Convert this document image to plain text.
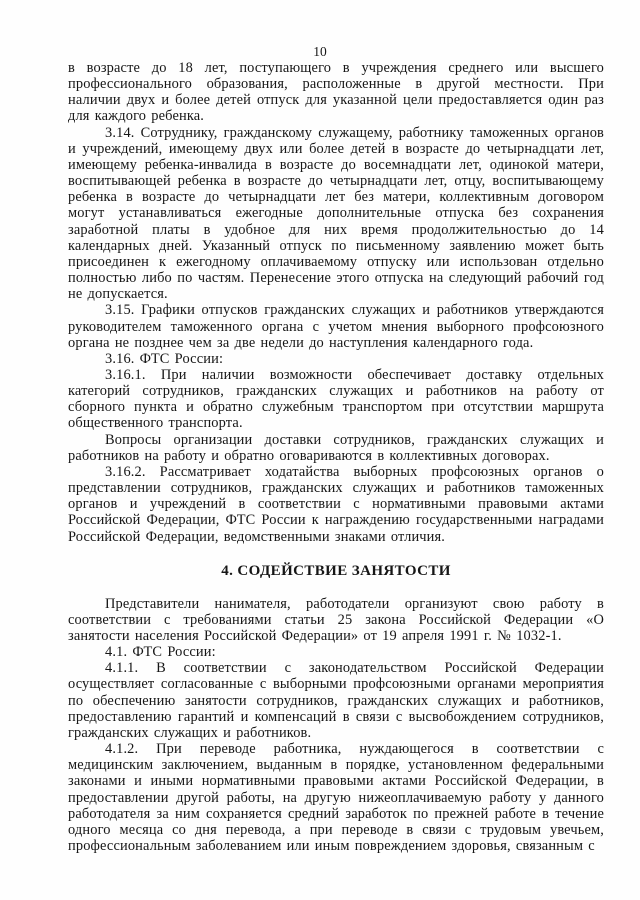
10

в возрасте до 18 лет, поступающего в учреждения среднего или высшего профессионального образования, расположенные в другой местности. При наличии двух и более детей отпуск для указанной цели предоставляется один раз для каждого ребенка.

3.14. Сотруднику, гражданскому служащему, работнику таможенных органов и учреждений, имеющему двух или более детей в возрасте до четырнадцати лет, имеющему ребенка-инвалида в возрасте до восемнадцати лет, одинокой матери, воспитывающей ребенка в возрасте до четырнадцати лет, отцу, воспитывающему ребенка в возрасте до четырнадцати лет без матери, коллективным договором могут устанавливаться ежегодные дополнительные отпуска без сохранения заработной платы в удобное для них время продолжительностью до 14 календарных дней. Указанный отпуск по письменному заявлению может быть присоединен к ежегодному оплачиваемому отпуску или использован отдельно полностью либо по частям. Перенесение этого отпуска на следующий рабочий год не допускается.

3.15. Графики отпусков гражданских служащих и работников утверждаются руководителем таможенного органа с учетом мнения выборного профсоюзного органа не позднее чем за две недели до наступления календарного года.

3.16. ФТС России:

3.16.1. При наличии возможности обеспечивает доставку отдельных категорий сотрудников, гражданских служащих и работников на работу от сборного пункта и обратно служебным транспортом при отсутствии маршрута общественного транспорта.

Вопросы организации доставки сотрудников, гражданских служащих и работников на работу и обратно оговариваются в коллективных договорах.

3.16.2. Рассматривает ходатайства выборных профсоюзных органов о представлении сотрудников, гражданских служащих и работников таможенных органов и учреждений в соответствии с нормативными правовыми актами Российской Федерации, ФТС России к награждению государственными наградами Российской Федерации, ведомственными знаками отличия.

4. СОДЕЙСТВИЕ ЗАНЯТОСТИ

Представители нанимателя, работодатели организуют свою работу в соответствии с требованиями статьи 25 закона Российской Федерации «О занятости населения Российской Федерации» от 19 апреля 1991 г. № 1032-1.

4.1. ФТС России:

4.1.1. В соответствии с законодательством Российской Федерации осуществляет согласованные с выборными профсоюзными органами мероприятия по обеспечению занятости сотрудников, гражданских служащих и работников, предоставлению гарантий и компенсаций в связи с высвобождением сотрудников, гражданских служащих и работников.

4.1.2. При переводе работника, нуждающегося в соответствии с медицинским заключением, выданным в порядке, установленном федеральными законами и иными нормативными правовыми актами Российской Федерации, в предоставлении другой работы, на другую нижеоплачиваемую работу у данного работодателя за ним сохраняется средний заработок по прежней работе в течение одного месяца со дня перевода, а при переводе в связи с трудовым увечьем, профессиональным заболеванием или иным повреждением здоровья, связанным с
